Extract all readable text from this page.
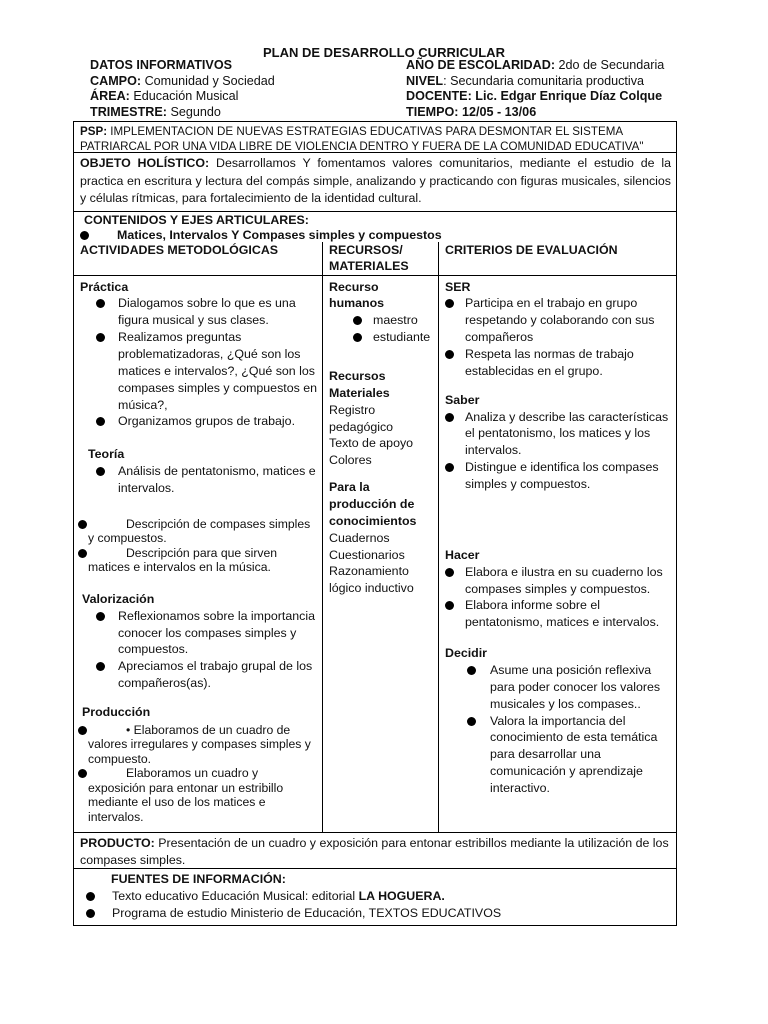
PLAN DE DESARROLLO CURRICULAR
DATOS INFORMATIVOS
CAMPO: Comunidad y Sociedad
ÁREA: Educación Musical
TRIMESTRE: Segundo
AÑO DE ESCOLARIDAD: 2do de Secundaria
NIVEL: Secundaria comunitaria productiva
DOCENTE: Lic. Edgar Enrique Díaz Colque
TIEMPO: 12/05 - 13/06
PSP: IMPLEMENTACION DE NUEVAS ESTRATEGIAS EDUCATIVAS PARA DESMONTAR EL SISTEMA PATRIARCAL POR UNA VIDA LIBRE DE VIOLENCIA DENTRO Y FUERA DE LA COMUNIDAD EDUCATIVA"
OBJETO HOLÍSTICO: Desarrollamos Y fomentamos valores comunitarios, mediante el estudio de la practica en escritura y lectura del compás simple, analizando y practicando con figuras musicales, silencios y células rítmicas, para fortalecimiento de la identidad cultural.
CONTENIDOS Y EJES ARTICULARES:
Matices, Intervalos Y Compases simples y compuestos
ACTIVIDADES METODOLÓGICAS
Práctica
Dialogamos sobre lo que es una figura musical y sus clases.
Realizamos preguntas problematizadoras, ¿Qué son los matices e intervalos?, ¿Qué son los compases simples y compuestos en música?,
Organizamos grupos de trabajo.
Teoría
Análisis de pentatonismo, matices e intervalos.
Descripción de compases simples
y compuestos.
Descripción para que sirven
matices e intervalos en la música.
Valorización
Reflexionamos sobre la importancia conocer los compases simples y compuestos.
Apreciamos el trabajo grupal de los compañeros(as).
Producción
• Elaboramos de un cuadro de
valores irregulares y compases simples y compuesto.
Elaboramos un cuadro y
exposición para entonar un estribillo mediante el uso de los matices e intervalos.
RECURSOS/ MATERIALES
Recurso humanos
maestro
estudiante
Recursos Materiales
Registro pedagógico
Texto de apoyo
Colores
Para la producción de conocimientos
Cuadernos
Cuestionarios
Razonamiento lógico inductivo
CRITERIOS DE EVALUACIÓN
SER
Participa en el trabajo en grupo respetando y colaborando con sus compañeros
Respeta las normas de trabajo establecidas en el grupo.
Saber
Analiza y describe las características el pentatonismo, los matices y los intervalos.
Distingue e identifica los compases simples y compuestos.
Hacer
Elabora e ilustra en su cuaderno los compases simples y compuestos.
Elabora informe sobre el pentatonismo, matices e intervalos.
Decidir
Asume una posición reflexiva para poder conocer los valores musicales y los compases..
Valora la importancia del conocimiento de esta temática para desarrollar una comunicación y aprendizaje interactivo.
PRODUCTO: Presentación de un cuadro y exposición para entonar estribillos mediante la utilización de los compases simples.
FUENTES DE INFORMACIÓN:
Texto educativo Educación Musical: editorial LA HOGUERA.
Programa de estudio Ministerio de Educación, TEXTOS EDUCATIVOS
